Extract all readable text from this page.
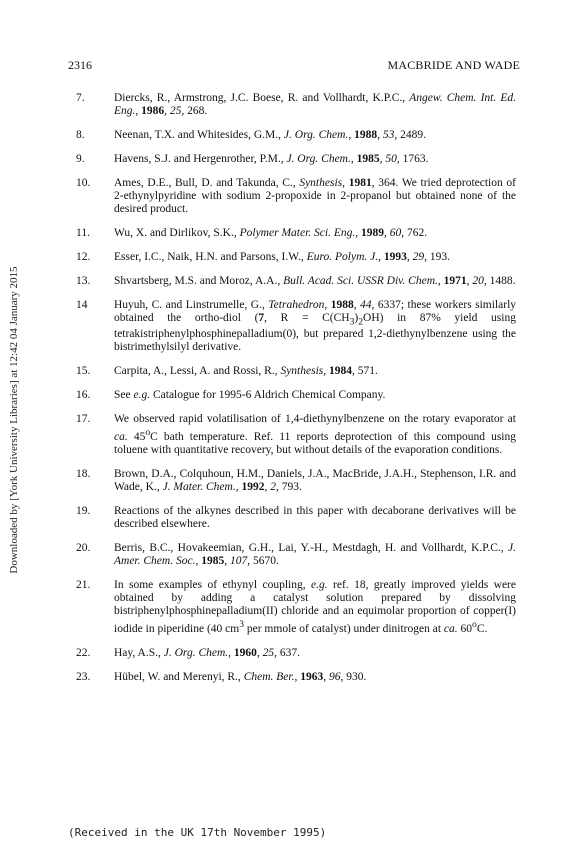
Downloaded by [York University Libraries] at 12:42 04 January 2015
2316	MACBRIDE AND WADE
7.	Diercks, R., Armstrong, J.C. Boese, R. and Vollhardt, K.P.C., Angew. Chem. Int. Ed. Eng., 1986, 25, 268.
8.	Neenan, T.X. and Whitesides, G.M., J. Org. Chem., 1988, 53, 2489.
9.	Havens, S.J. and Hergenrother, P.M., J. Org. Chem., 1985, 50, 1763.
10.	Ames, D.E., Bull, D. and Takunda, C., Synthesis, 1981, 364. We tried deprotection of 2-ethynylpyridine with sodium 2-propoxide in 2-propanol but obtained none of the desired product.
11.	Wu, X. and Dirlikov, S.K., Polymer Mater. Sci. Eng., 1989, 60, 762.
12.	Esser, I.C., Naik, H.N. and Parsons, I.W., Euro. Polym. J., 1993, 29, 193.
13.	Shvartsberg, M.S. and Moroz, A.A., Bull. Acad. Sci. USSR Div. Chem., 1971, 20, 1488.
14	Huyuh, C. and Linstrumelle, G., Tetrahedron, 1988, 44, 6337; these workers similarly obtained the ortho-diol (7, $R = C(CH_3)_2OH$) in 87% yield using tetrakistriphenylphosphinepalladium(0), but prepared 1,2-diethynylbenzene using the bistrimethylsilyl derivative.
15.	Carpita, A., Lessi, A. and Rossi, R., Synthesis, 1984, 571.
16.	See e.g. Catalogue for 1995-6 Aldrich Chemical Company.
17.	We observed rapid volatilisation of 1,4-diethynylbenzene on the rotary evaporator at ca. 45$^o$C bath temperature. Ref. 11 reports deprotection of this compound using toluene with quantitative recovery, but without details of the evaporation conditions.
18.	Brown, D.A., Colquhoun, H.M., Daniels, J.A., MacBride, J.A.H., Stephenson, I.R. and Wade, K., J. Mater. Chem., 1992, 2, 793.
19.	Reactions of the alkynes described in this paper with decaborane derivatives will be described elsewhere.
20.	Berris, B.C., Hovakeemian, G.H., Lai, Y.-H., Mestdagh, H. and Vollhardt, K.P.C., J. Amer. Chem. Soc., 1985, 107, 5670.
21.	In some examples of ethynyl coupling, e.g. ref. 18, greatly improved yields were obtained by adding a catalyst solution prepared by dissolving bistriphenylphosphinepalladium(II) chloride and an equimolar proportion of copper(I) iodide in piperidine (40 $cm^3$ per mmole of catalyst) under dinitrogen at ca. 60$^o$C.
22.	Hay, A.S., J. Org. Chem., 1960, 25, 637.
23.	Hübel, W. and Merenyi, R., Chem. Ber., 1963, 96, 930.
(Received in the UK 17th November 1995)
